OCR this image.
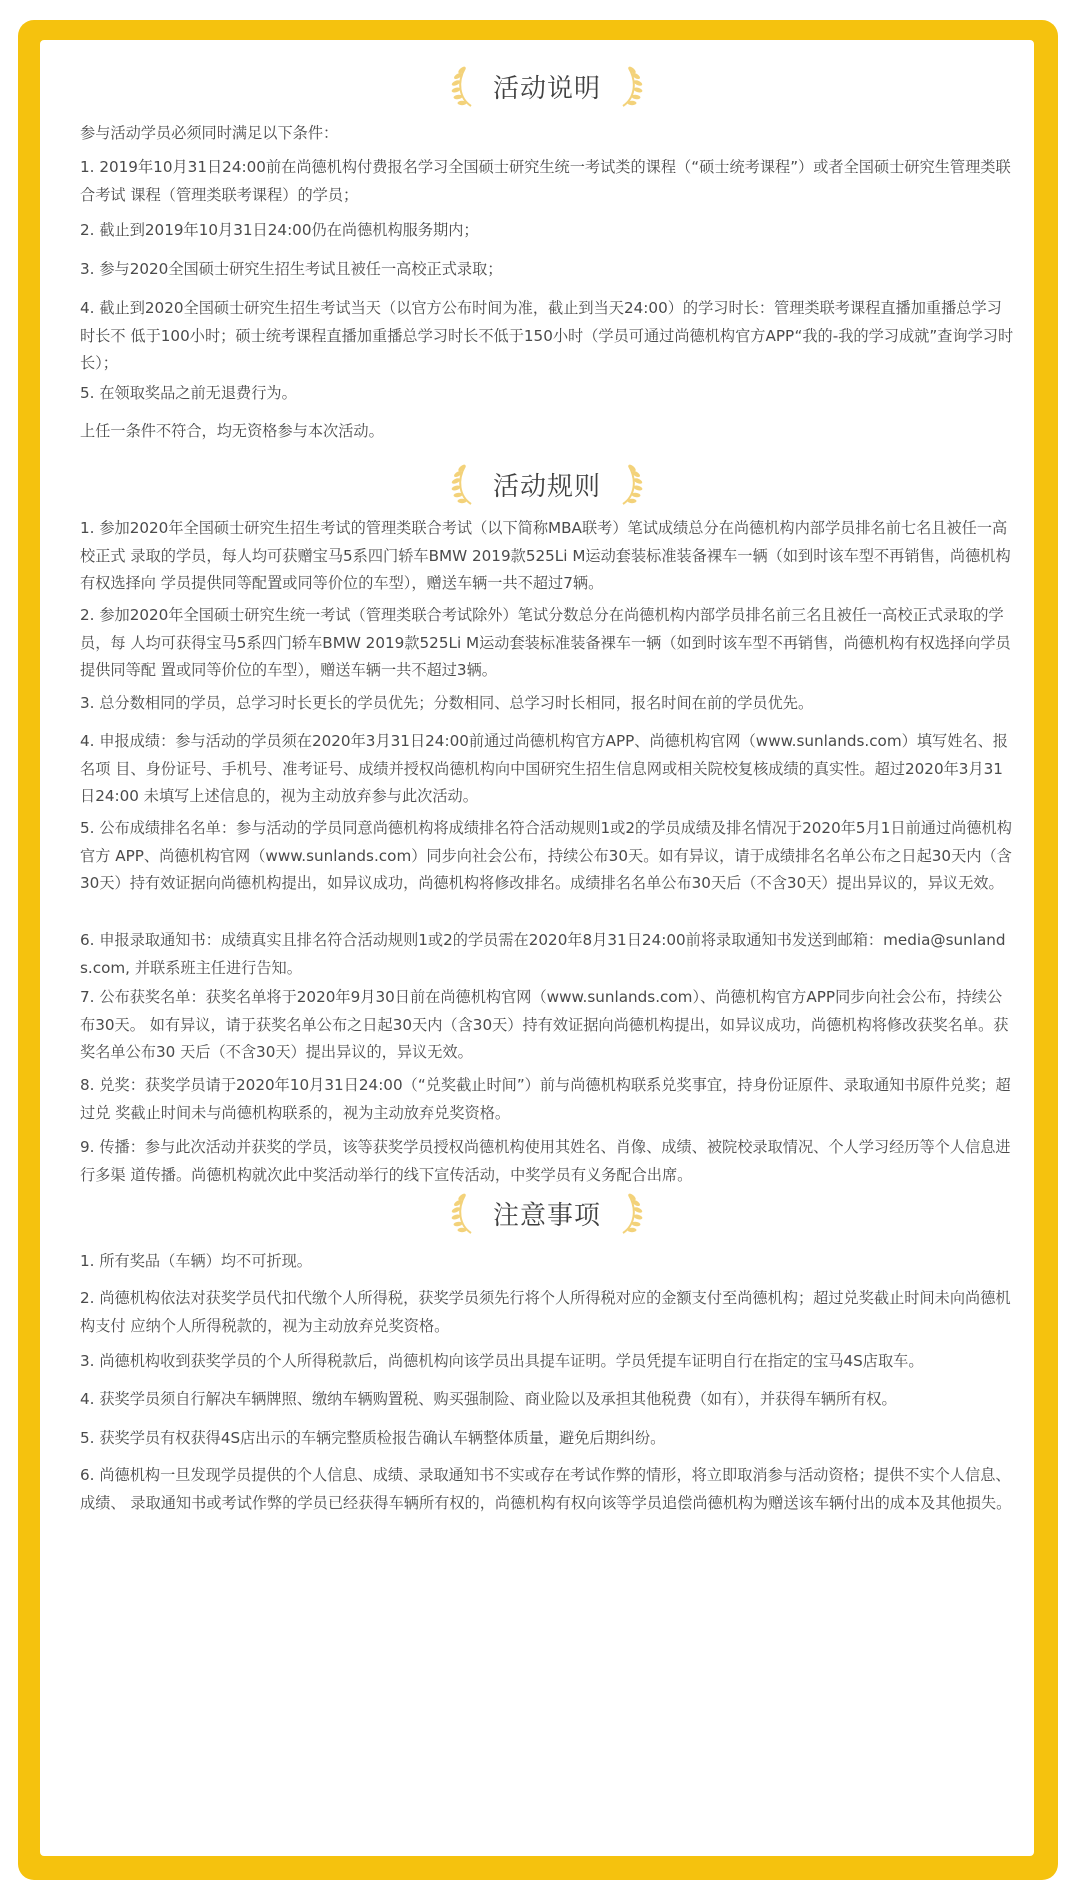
活动说明

参与活动学员必须同时满足以下条件：

1. 2019年10月31日24:00前在尚德机构付费报名学习全国硕士研究生统一考试类的课程（“硕士统考课程”）或者全国硕士研究生管理类联合考试 课程（管理类联考课程）的学员；

2. 截止到2019年10月31日24:00仍在尚德机构服务期内；

3. 参与2020全国硕士研究生招生考试且被任一高校正式录取；

4. 截止到2020全国硕士研究生招生考试当天（以官方公布时间为准，截止到当天24:00）的学习时长：管理类联考课程直播加重播总学习时长不 低于100小时；硕士统考课程直播加重播总学习时长不低于150小时（学员可通过尚德机构官方APP“我的-我的学习成就”查询学习时长）；

5. 在领取奖品之前无退费行为。

上任一条件不符合，均无资格参与本次活动。

活动规则

1. 参加2020年全国硕士研究生招生考试的管理类联合考试（以下简称MBA联考）笔试成绩总分在尚德机构内部学员排名前七名且被任一高校正式 录取的学员，每人均可获赠宝马5系四门轿车BMW 2019款525Li M运动套装标准装备裸车一辆（如到时该车型不再销售，尚德机构有权选择向 学员提供同等配置或同等价位的车型），赠送车辆一共不超过7辆。

2. 参加2020年全国硕士研究生统一考试（管理类联合考试除外）笔试分数总分在尚德机构内部学员排名前三名且被任一高校正式录取的学员，每 人均可获得宝马5系四门轿车BMW 2019款525Li M运动套装标准装备裸车一辆（如到时该车型不再销售，尚德机构有权选择向学员提供同等配 置或同等价位的车型），赠送车辆一共不超过3辆。

3. 总分数相同的学员，总学习时长更长的学员优先；分数相同、总学习时长相同，报名时间在前的学员优先。

4. 申报成绩：参与活动的学员须在2020年3月31日24:00前通过尚德机构官方APP、尚德机构官网（www.sunlands.com）填写姓名、报名项 目、身份证号、手机号、准考证号、成绩并授权尚德机构向中国研究生招生信息网或相关院校复核成绩的真实性。超过2020年3月31日24:00 未填写上述信息的，视为主动放弃参与此次活动。

5. 公布成绩排名名单：参与活动的学员同意尚德机构将成绩排名符合活动规则1或2的学员成绩及排名情况于2020年5月1日前通过尚德机构官方 APP、尚德机构官网（www.sunlands.com）同步向社会公布，持续公布30天。如有异议，请于成绩排名名单公布之日起30天内（含30天）持有效证据向尚德机构提出，如异议成功，尚德机构将修改排名。成绩排名名单公布30天后（不含30天）提出异议的，异议无效。

6. 申报录取通知书：成绩真实且排名符合活动规则1或2的学员需在2020年8月31日24:00前将录取通知书发送到邮箱：media@sunlands.com, 并联系班主任进行告知。

7. 公布获奖名单：获奖名单将于2020年9月30日前在尚德机构官网（www.sunlands.com）、尚德机构官方APP同步向社会公布，持续公布30天。 如有异议，请于获奖名单公布之日起30天内（含30天）持有效证据向尚德机构提出，如异议成功，尚德机构将修改获奖名单。获奖名单公布30 天后（不含30天）提出异议的，异议无效。

8. 兑奖：获奖学员请于2020年10月31日24:00（“兑奖截止时间”）前与尚德机构联系兑奖事宜，持身份证原件、录取通知书原件兑奖；超过兑 奖截止时间未与尚德机构联系的，视为主动放弃兑奖资格。

9. 传播：参与此次活动并获奖的学员，该等获奖学员授权尚德机构使用其姓名、肖像、成绩、被院校录取情况、个人学习经历等个人信息进行多渠 道传播。尚德机构就次此中奖活动举行的线下宣传活动，中奖学员有义务配合出席。

注意事项

1. 所有奖品（车辆）均不可折现。

2. 尚德机构依法对获奖学员代扣代缴个人所得税，获奖学员须先行将个人所得税对应的金额支付至尚德机构；超过兑奖截止时间未向尚德机构支付 应纳个人所得税款的，视为主动放弃兑奖资格。

3. 尚德机构收到获奖学员的个人所得税款后，尚德机构向该学员出具提车证明。学员凭提车证明自行在指定的宝马4S店取车。

4. 获奖学员须自行解决车辆牌照、缴纳车辆购置税、购买强制险、商业险以及承担其他税费（如有），并获得车辆所有权。

5. 获奖学员有权获得4S店出示的车辆完整质检报告确认车辆整体质量，避免后期纠纷。

6. 尚德机构一旦发现学员提供的个人信息、成绩、录取通知书不实或存在考试作弊的情形，将立即取消参与活动资格；提供不实个人信息、成绩、 录取通知书或考试作弊的学员已经获得车辆所有权的，尚德机构有权向该等学员追偿尚德机构为赠送该车辆付出的成本及其他损失。
